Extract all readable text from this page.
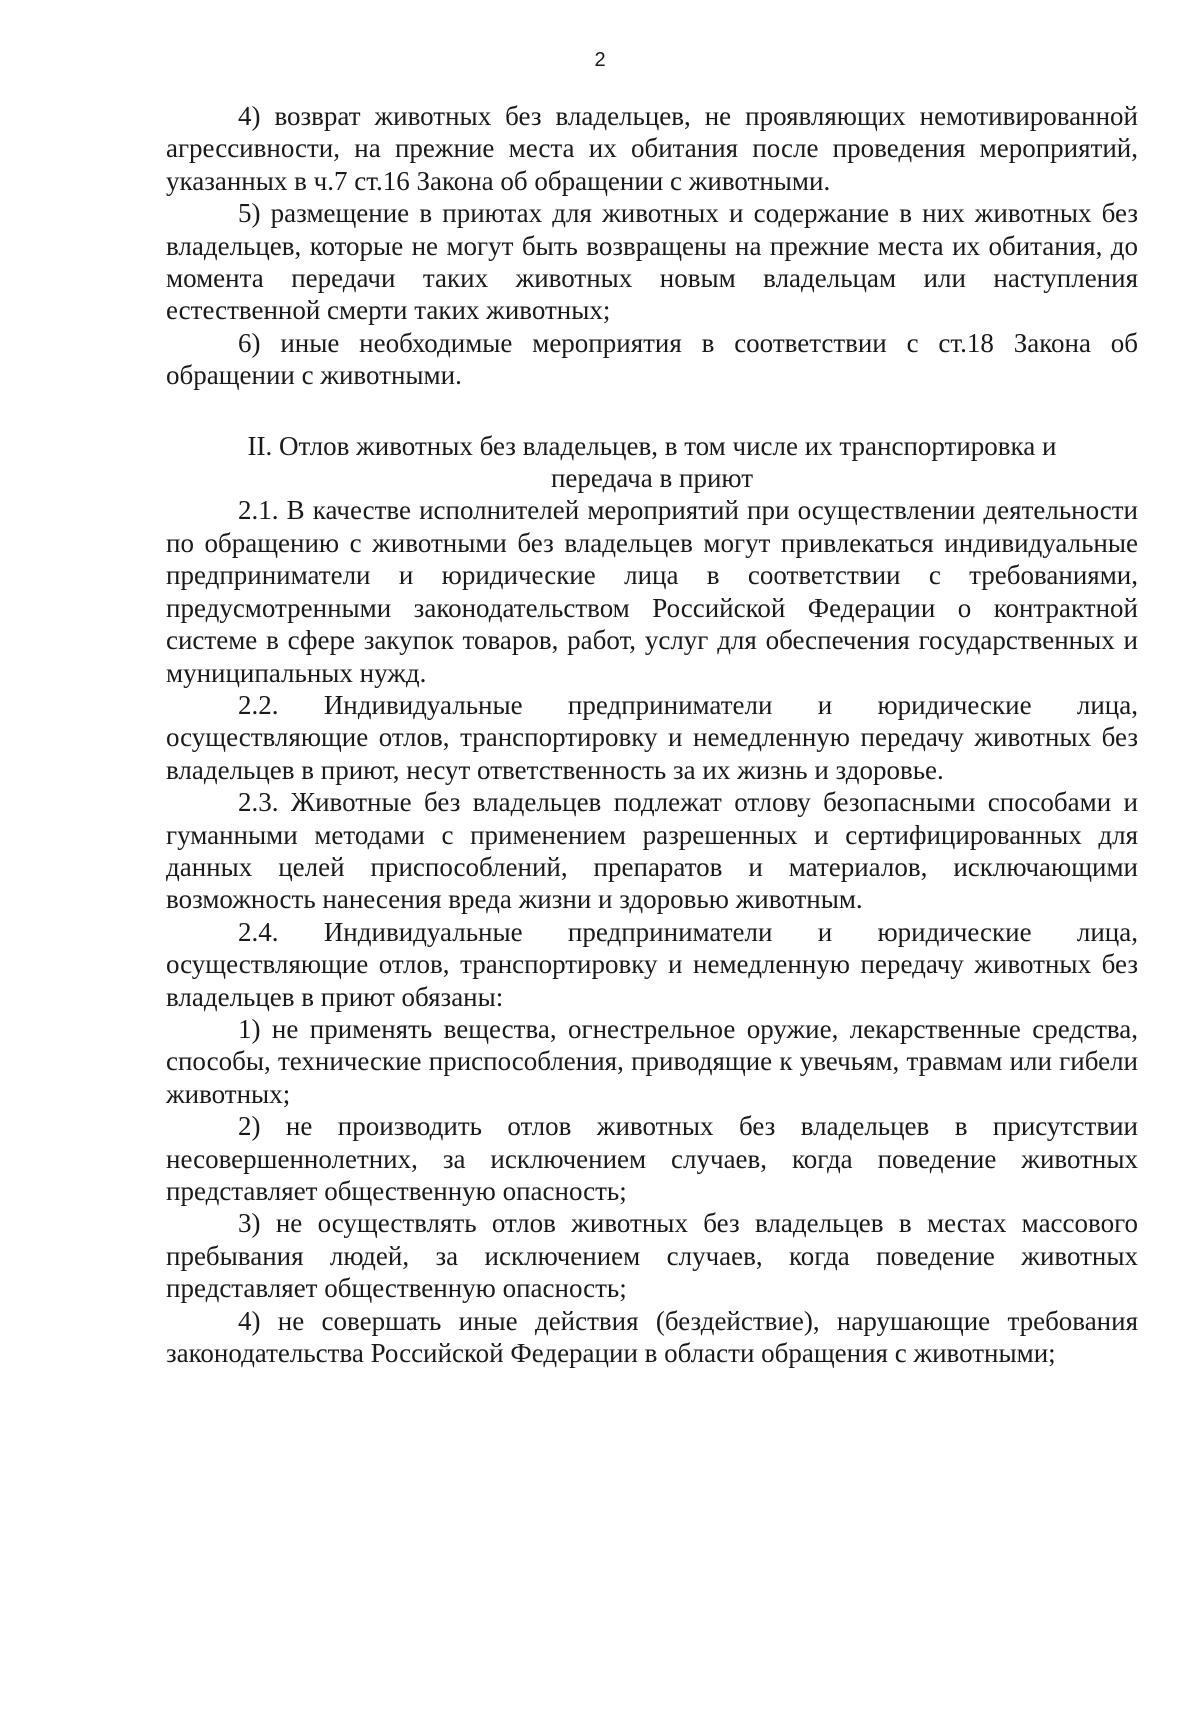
2

4) возврат животных без владельцев, не проявляющих немотивированной агрессивности, на прежние места их обитания после проведения мероприятий, указанных в ч.7 ст.16 Закона об обращении с животными.

5) размещение в приютах для животных и содержание в них животных без владельцев, которые не могут быть возвращены на прежние места их обитания, до момента передачи таких животных новым владельцам или наступления естественной смерти таких животных;

6) иные необходимые мероприятия в соответствии с ст.18 Закона об обращении с животными.

II. Отлов животных без владельцев, в том числе их транспортировка и
передача в приют

2.1. В качестве исполнителей мероприятий при осуществлении деятельности по обращению с животными без владельцев могут привлекаться индивидуальные предприниматели и юридические лица в соответствии с требованиями, предусмотренными законодательством Российской Федерации о контрактной системе в сфере закупок товаров, работ, услуг для обеспечения государственных и муниципальных нужд.

2.2. Индивидуальные предприниматели и юридические лица, осуществляющие отлов, транспортировку и немедленную передачу животных без владельцев в приют, несут ответственность за их жизнь и здоровье.

2.3. Животные без владельцев подлежат отлову безопасными способами и гуманными методами с применением разрешенных и сертифицированных для данных целей приспособлений, препаратов и материалов, исключающими возможность нанесения вреда жизни и здоровью животным.

2.4. Индивидуальные предприниматели и юридические лица, осуществляющие отлов, транспортировку и немедленную передачу животных без владельцев в приют обязаны:

1) не применять вещества, огнестрельное оружие, лекарственные средства, способы, технические приспособления, приводящие к увечьям, травмам или гибели животных;

2) не производить отлов животных без владельцев в присутствии несовершеннолетних, за исключением случаев, когда поведение животных представляет общественную опасность;

3) не осуществлять отлов животных без владельцев в местах массового пребывания людей, за исключением случаев, когда поведение животных представляет общественную опасность;

4) не совершать иные действия (бездействие), нарушающие требования законодательства Российской Федерации в области обращения с животными;
